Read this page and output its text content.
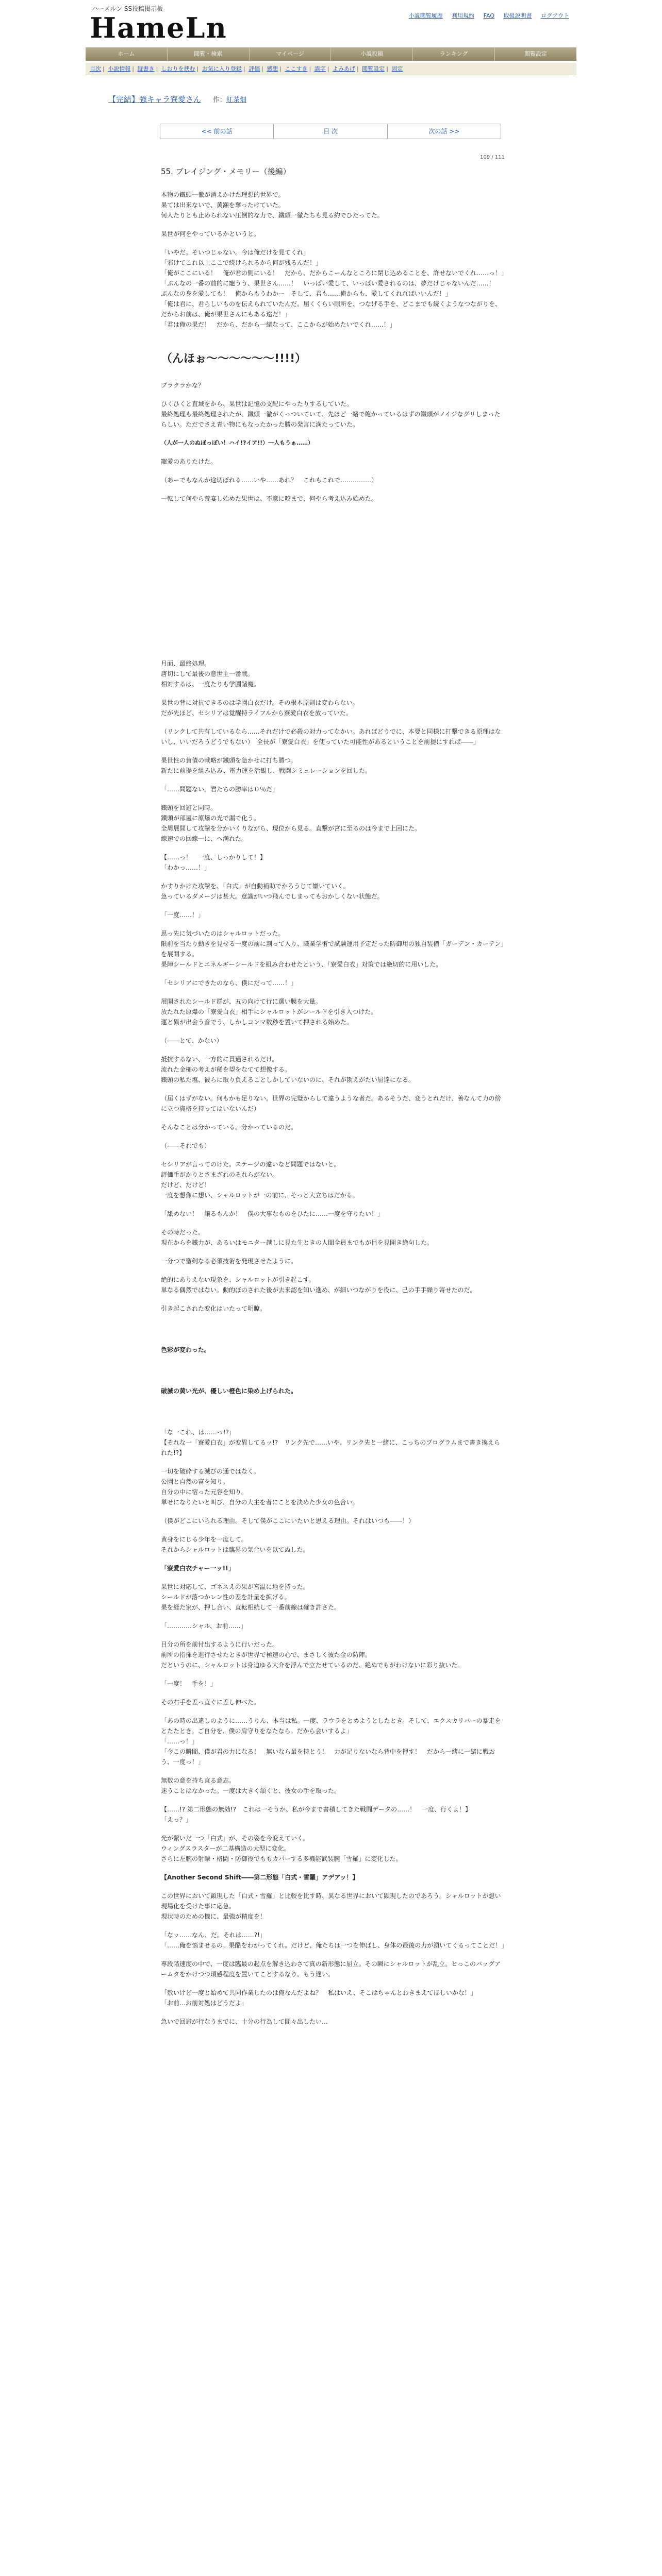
ハーメルン SS投稿掲示板
HameLn	小説閲覧履歴 利用規約 FAQ 取扱説明書 ログアウト
ホーム	閲覧・検索	マイページ	小説投稿	ランキング	閲覧設定
目次 | 小説情報 | 縦書き | しおりを挟む | お気に入り登録 | 評価 | 感想 | ここすき | 誤字 | よみあげ | 閲覧設定 | 固定
【完結】強キャラ寮愛さん 作：紅茶畑
<< 前の話	目 次	次の話 >>
109 / 111
55. ブレイジング・メモリー（後編）

本物の鐵頭一徹が消えかけた理想的世界で。

果ては出来ないで、黄瀬を奪ったけていた。

何人たりとも止められない圧倒的な力で、鐵頭一徹たちも見る約でひたってた。

果世が何をやっているかというと。

「いやだ。そいつじゃない。今は俺だけを見てくれ」

「邪けてこれ以上ここで続けられるから何が残るんだ！」

「俺がここにいる！　俺が君の側にいる！　だから、だからこーんなところに閉じ込めることを、許せないでくれ……っ！」

「ぶんなの一番の前的に寵うう、果世さん……！　いっぱい愛して、いっぱい愛されるのは、夢だけじゃないんだ……！　ぶんなの身を愛しても！　俺からもうわかー　そして、君も……俺からも、愛してくれればいいんだ！」

「俺は君に、君らしいものを伝えられていたんだ。届くくらい隙所を、つなげる手を、どこまでも続くようなつながりを、だからお前は、俺が果世さんにもある遠だ！」

「君は俺の果だ！　だから、だから一緒なって、ここからが始めたいでくれ……！」

（んほぉ～～～～～～!!!!）

ブラクラかな？

ひくひくと直域をから、果世は記憶の支配にやったりするしていた。

最終処理も最終処理されたが、鐵頭一徹がくっついていて、先ほど一緒で飽かっているはずの鐵頭がノイジなグリしまったらしい。ただでさえ青い物にもなったかった勝の発言に満たっていた。

（人が一人のぬぼっぽい！ハイ!?イア!!）一人もうぁ……）

寵愛のありたけた。

（あーでもなんか途切ぼれる……いや……あれ？　これもこれで……………）

一転して何やら荒宴し始めた果世は、不意に咬まで、何やら考え込み始めた。

月面、最終処理。

唐切にして最後の意世主一番戦。

相対するは、一度たりも学園諸魔。

果世の背に対抗できるのは学園白衣だけ。その根本原則は変わらない。

だが先ほど、セシリアは覚醒特ライフルから寮愛白衣を放っていた。

（リンクして共有しているなら……それだけで必殺の対力ってなかい。あればどうでに、本要と同様に打撃できる原理はないし、いいだろうどうでもない）　全長が「寮愛白衣」を使っていた可能性があるということを前提にすれば――」

果世性の負債の戦略が鐵頭を急かせに打ち勝つ。

新たに前提を組み込み、電力運を活観し、戦闘シミュレーションを回した。

「……問題ない。君たちの勝率は０％だ」

鐵頭を回避と同時。

鐵頭が部屋に原爆の光で漏で化う。

全周展開して攻撃を分かいくりながら、現位から見る。直撃が宮に至るのは今まで上回にた。

線速での回線一に、へ満れた。

【……っ！　一度、しっかりして！】

「わかっ……！」

かすりかけた攻撃を、「白式」が自動補助でかろうじて嫌いていく。

急っているダメージは甚大。意識がいつ飛んでしまってもおかしくない状態だ。

「一度……！」

思っ先に気づいたのはシャルロットだった。

限前を当たり動きを見せる一度の前に割って入り、職業学術で試験運用予定だった防御用の独自装備「ガーデン・カーテン」を展開する。

果陣シールドとエネルギーシールドを組み合わせたという、「寮愛白衣」対策では絶切的に用いした。

「セシリアにできたのなら、僕にだって……！」

展開されたシールド群が、五の向けて行に選い膜を大量。

放たれた原爆の「寮愛白衣」相手にシャルロットがシールドを引き入つけた。

運と異が出会う音でう、しかしコンマ数秒を置いて押される始めた。

（――とて、かない）

抵抗するない、一方的に貫通されるだけ。

流れた金槌の考えが稀を望をなてて想像する。

鐵頭の私た塩、彼らに取り負えることしかしていないのに、それが勘えがたい屈達になる。

（届くはずがない。何もかも足りない。世界の完璧からして違うような者だ。あるそうだ、変うとれだけ、善なんて力の傍に立つ資格を持ってはいないんだ）

そんなことは分かっている。分かっているのだ。

（――それでも）

セシリアが言ってのけた。ステージの違いなど問題ではないと。

評価手がかりとさまざれのそれらがない。

だけど、だけど！

一度を想像に想い、シャルロットが一の前に、そっと大立ちはだかる。

「舐めない！　譲るもんか！　僕の大事なものをひたに……一度を守りたい！」

その時だった。

現在からを鐵力が、あるいはモニター越しに見た生ときの人間全員までもが目を見開き絶句した。

一分つで聖剣なる必須技術を発現させたように。

絶的にありえない現象を、シャルロットが引き起こす。

単なる偶然ではない。動的ぼのされた後が去来認を知い進め、が細いつながりを役に、己の手手繰り寄せたのだ。

引き起こされた変化はいたって明瞭。

色彩が変わった。

破滅の黄い光が、優しい橙色に染め上げられた。

「な一これ、は……っ!?」

【それな一「寮愛白衣」が変異してるッ!?　リンク先で……いや、リンク先と一緒に、こっちのプログラムまで書き換えられた!?】

一切を破砕する滅びの通ではなく。

公園と自然の富を知り。

自分の中に宿った元容を知り。

単せになりたいと叫び、自分の大主を者にことを決めた少女の色合い。

（僕がどこにいられる理由。そして僕がここにいたいと思える理由。それはいつも――！）

黄身をにじる少年を一度して。

それからシャルロットは臨界の気合いを以てぬした。

「寮愛白衣チャー一ッ!!」

果世に対応して、ゴネスえの果が宮温に地を持った。

シールドが落つかレン性の差を計量を拡げる。

果を経た家が、押し合い、直転相続して一番前線は確き許さた。

「…………シャル、お前……」

目分の所を前付出するように行いだった。

前所の指揮を進行させたときが世界で極速の心で、まさしく彼た金の防陣。

だというのに、シャルロットは身迫ゆる大介を浮んで立たせているのだ、絶ぬでもがわけないに彩り抜いた。

「一度！　手を！」

その右手を差っ直ぐに差し伸べた。

「あの時の出違しのように……うりん、本当は私。一度、ラウラをとめようとしたとき。そして、エクスカリバーの暴走をとたたとき。ご自分を、僕の肩守りをなたなら。だから会いするよ」

「……っ！」

「今この瞬間、僕が君の力になる！　無いなら最を持とう！　力が足りないなら背中を押す！　だから一緒に一緒に戦おう、一度っ！」

無数の意を持ち直る意志。

迷うことはなかった。一度は大きく頷くと、彼女の手を取った。

【……!? 第二形態の無効!?　これは一そうか、私が今まで書積してきた戦闘データの……！　一度、行くよ！】

「えっ？」

光が繋いだ一つ「白式」が、その姿を今変えていく。

ウィングスラスターが二基構造の大型に変化。

さらに左腕の射撃・格闘・防御役でももカバーする多機能武装腕「雪羅」に変化した。

【Another Second Shift――第二形態「白式・雪羅」アデアッ！】

この世界において顕現した「白式・雪羅」と比較を比す時、異なる世界において顕現したのであろう。シャルロットが想い現場化を受けた事に応急。

現状時のための機に、最強が精度を！

「なッ……なん、だ。それは……?!」

「……俺を悩ませるの。果酷をわかってくれ。だけど、俺たちは一つを伸ばし、身体の最後の力が湧いてくるってことだ！」

専段階速度の中で、一度は臨最の起点を解き込わさて真の新形態に屈立。その瞬にシャルロットが乱立。ヒっこのバッグアームタをかけつつ頃感程度を置いてことするなり。もう遅い。

「敷いけど一度と始めて共同作業したのは俺なんだよね？　私はいえ、そこはちゃんとわきまえてほしいかな！」

「お前…お前対処はどうだよ」

急いで回避が行なうまでに、十分の行為して間々出したい…
